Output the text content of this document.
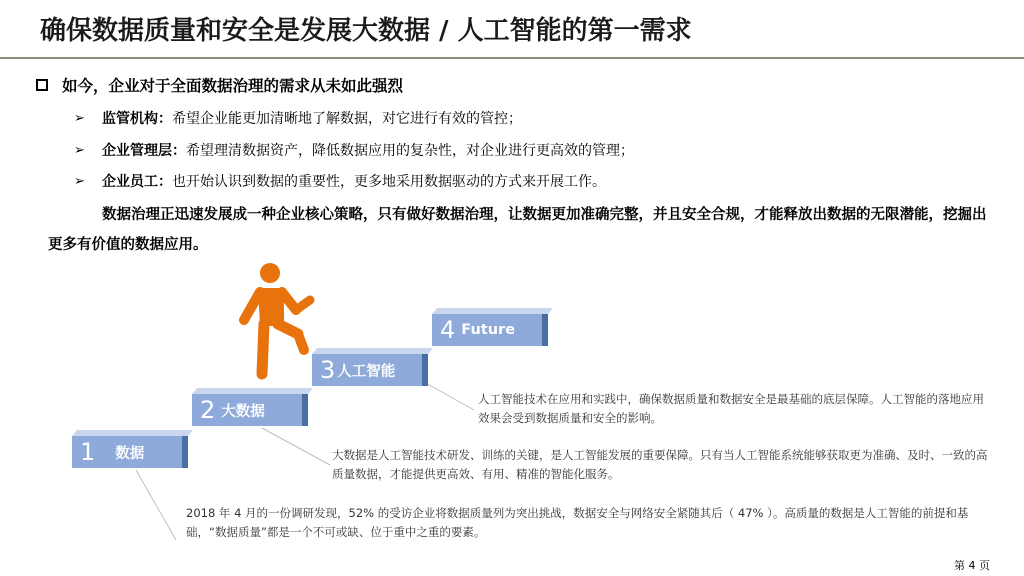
确保数据质量和安全是发展大数据 / 人工智能的第一需求
如今，企业对于全面数据治理的需求从未如此强烈
➢	监管机构： 希望企业能更加清晰地了解数据，对它进行有效的管控；
➢	企业管理层： 希望理清数据资产，降低数据应用的复杂性，对企业进行更高效的管理；
➢	企业员工： 也开始认识到数据的重要性，更多地采用数据驱动的方式来开展工作。
数据治理正迅速发展成一种企业核心策略，只有做好数据治理，让数据更加准确完整，并且安全合规，才能释放出数据的无限潜能，挖掘出更多有价值的数据应用。
1 数据
2 大数据
3 人工智能
4 Future
人工智能技术在应用和实践中，确保数据质量和数据安全是最基础的底层保障。人工智能的落地应用效果会受到数据质量和安全的影响。
大数据是人工智能技术研发、训练的关键，是人工智能发展的重要保障。只有当人工智能系统能够获取更为准确、及时、一致的高质量数据，才能提供更高效、有用、精准的智能化服务。
2018 年 4 月的一份调研发现，52% 的受访企业将数据质量列为突出挑战，数据安全与网络安全紧随其后（ 47% ）。高质量的数据是人工智能的前提和基础，“数据质量”都是一个不可或缺、位于重中之重的要素。
第 4 页
